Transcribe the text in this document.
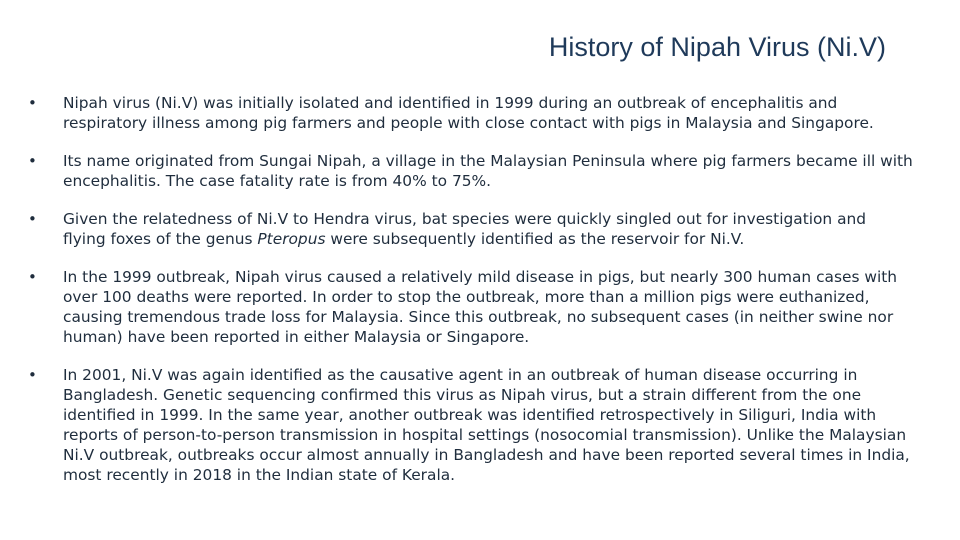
History of Nipah Virus (Ni.V)
• Nipah virus (Ni.V) was initially isolated and identified in 1999 during an outbreak of encephalitis and respiratory illness among pig farmers and people with close contact with pigs in Malaysia and Singapore.
• Its name originated from Sungai Nipah, a village in the Malaysian Peninsula where pig farmers became ill with encephalitis. The case fatality rate is from 40% to 75%.
• Given the relatedness of Ni.V to Hendra virus, bat species were quickly singled out for investigation and flying foxes of the genus Pteropus were subsequently identified as the reservoir for Ni.V.
• In the 1999 outbreak, Nipah virus caused a relatively mild disease in pigs, but nearly 300 human cases with over 100 deaths were reported. In order to stop the outbreak, more than a million pigs were euthanized, causing tremendous trade loss for Malaysia. Since this outbreak, no subsequent cases (in neither swine nor human) have been reported in either Malaysia or Singapore.
• In 2001, Ni.V was again identified as the causative agent in an outbreak of human disease occurring in Bangladesh. Genetic sequencing confirmed this virus as Nipah virus, but a strain different from the one identified in 1999. In the same year, another outbreak was identified retrospectively in Siliguri, India with reports of person-to-person transmission in hospital settings (nosocomial transmission). Unlike the Malaysian Ni.V outbreak, outbreaks occur almost annually in Bangladesh and have been reported several times in India, most recently in 2018 in the Indian state of Kerala.
